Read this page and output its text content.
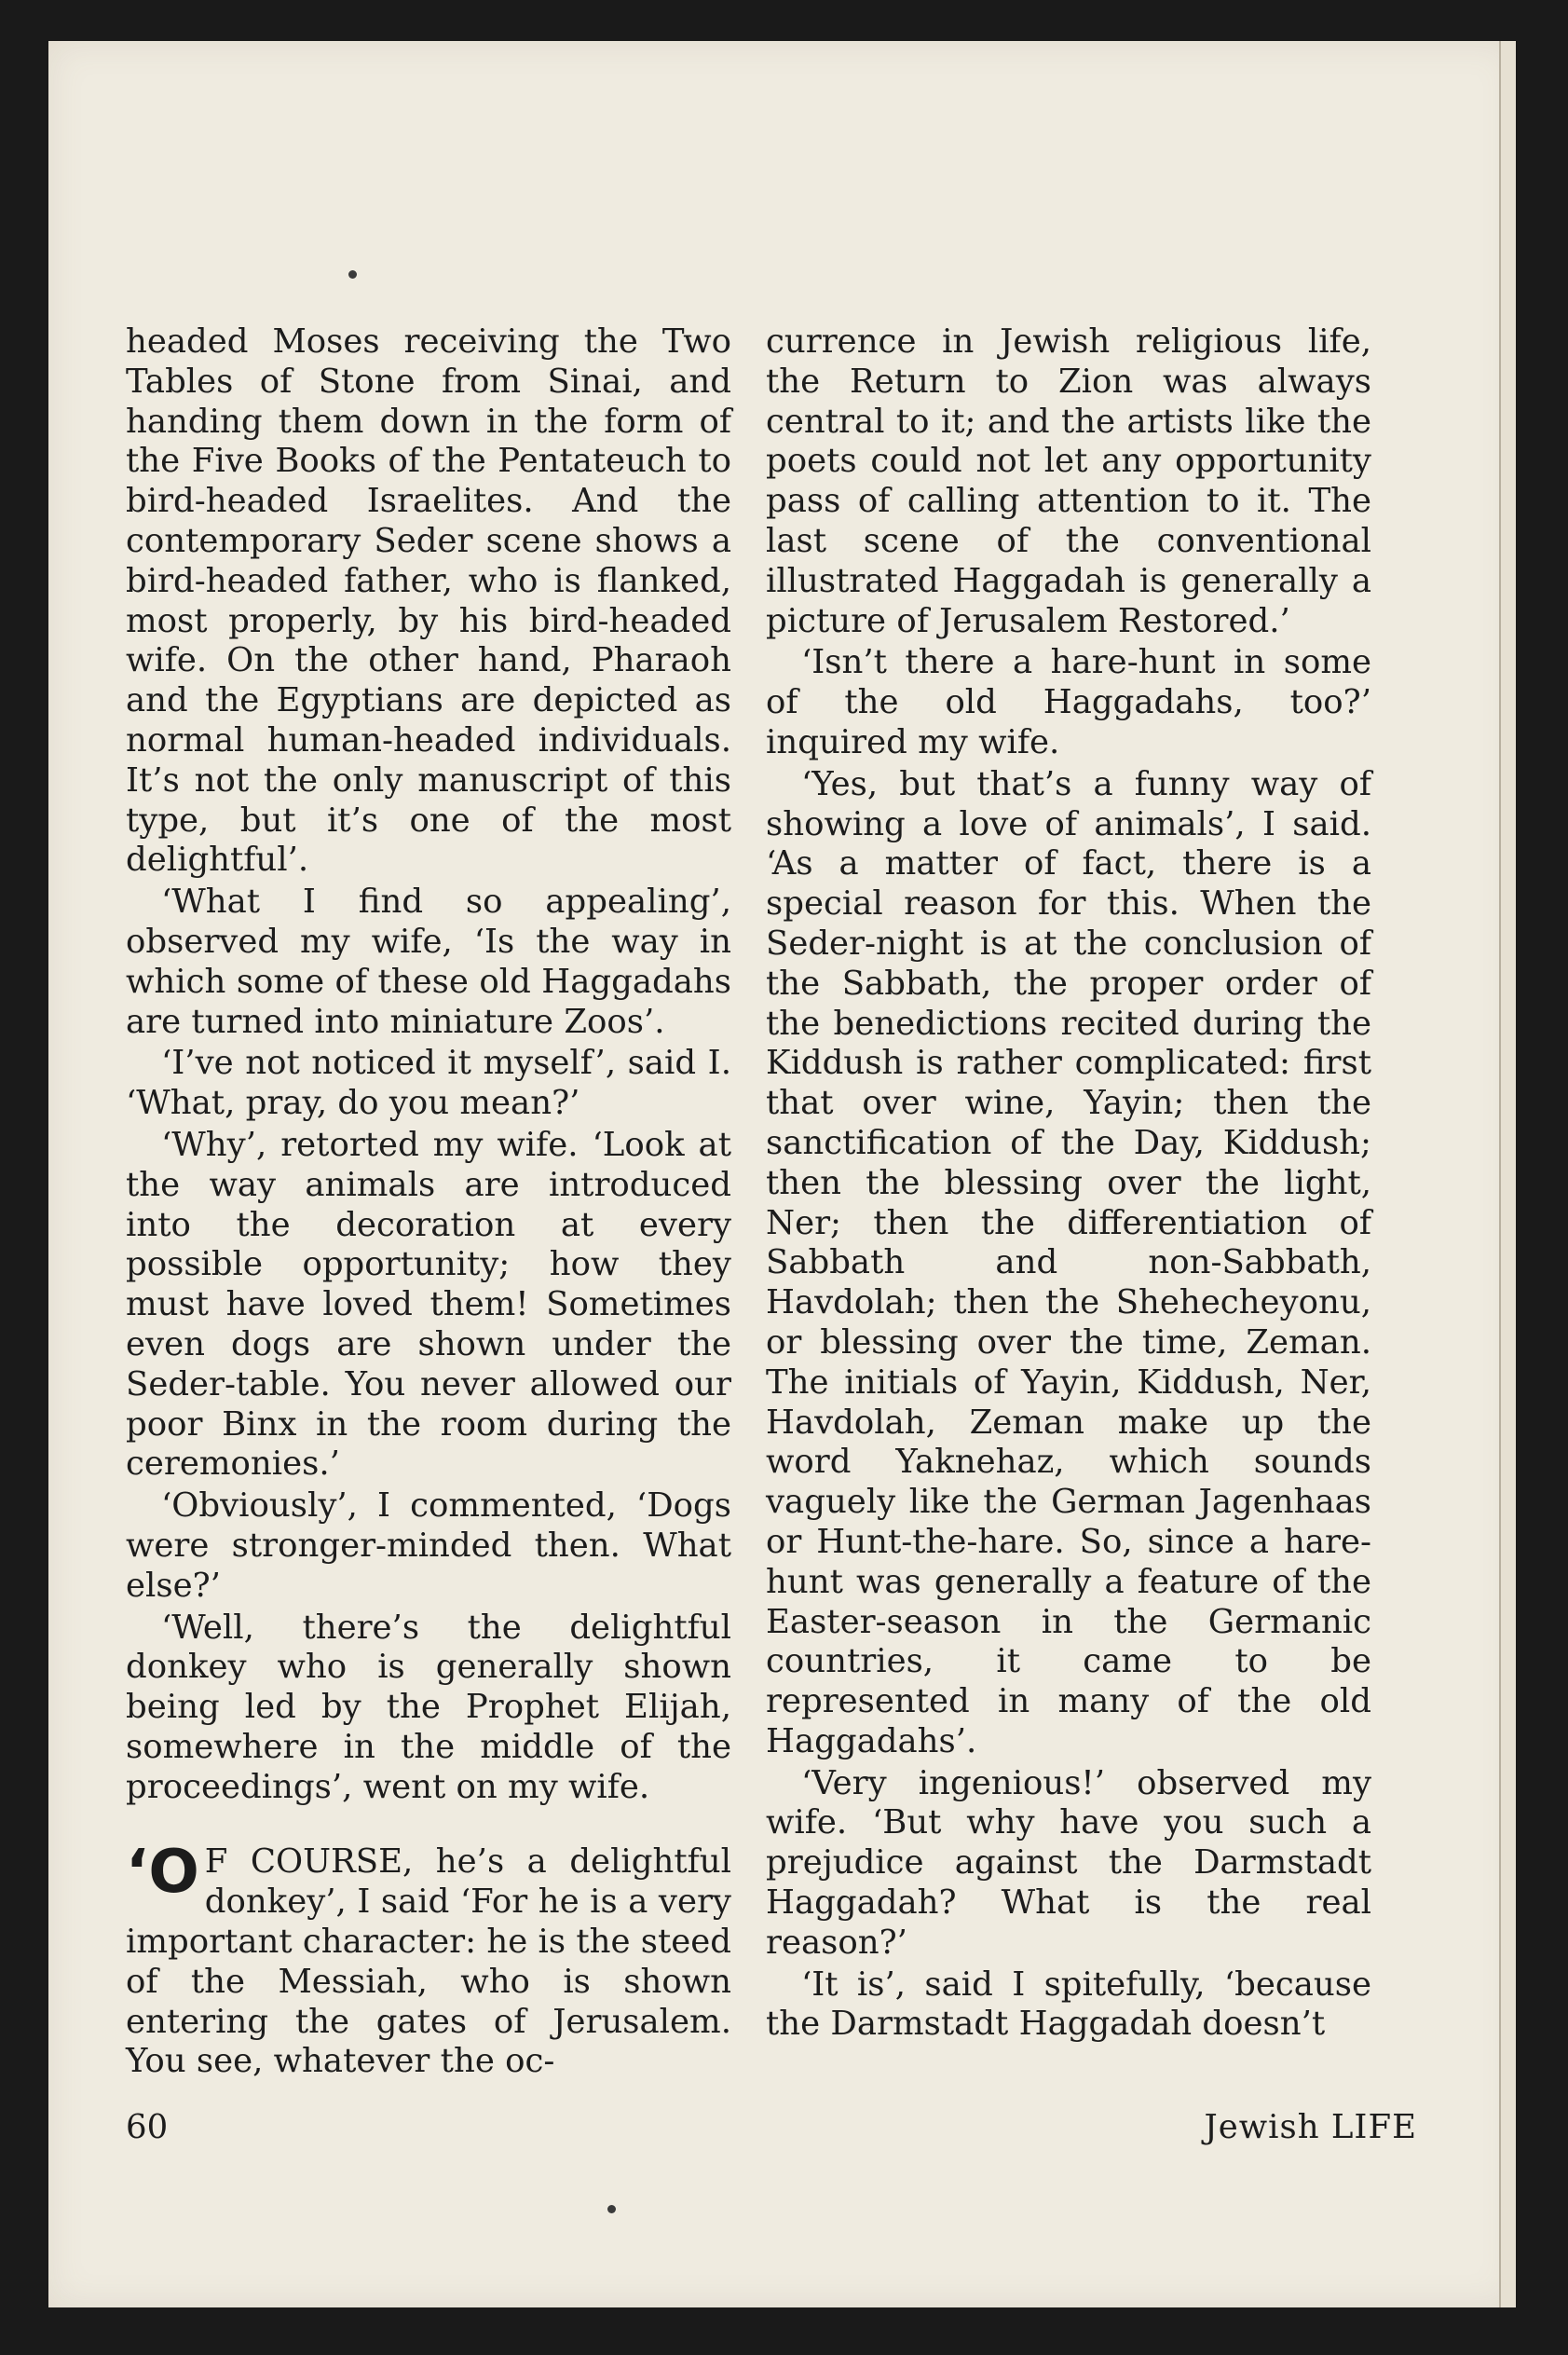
headed Moses receiving the Two Tables of Stone from Sinai, and handing them down in the form of the Five Books of the Pentateuch to bird-headed Israelites. And the contemporary Seder scene shows a bird-headed father, who is flanked, most properly, by his bird-headed wife. On the other hand, Pharaoh and the Egyptians are depicted as normal human-headed individuals. It’s not the only manuscript of this type, but it’s one of the most delightful’.

‘What I find so appealing’, observed my wife, ‘Is the way in which some of these old Haggadahs are turned into miniature Zoos’.

‘I’ve not noticed it myself’, said I. ‘What, pray, do you mean?’

‘Why’, retorted my wife. ‘Look at the way animals are introduced into the decoration at every possible opportunity; how they must have loved them! Sometimes even dogs are shown under the Seder-table. You never allowed our poor Binx in the room during the ceremonies.’

‘Obviously’, I commented, ‘Dogs were stronger-minded then. What else?’

‘Well, there’s the delightful donkey who is generally shown being led by the Prophet Elijah, somewhere in the middle of the proceedings’, went on my wife.

‘O F COURSE, he’s a delightful donkey’, I said ‘For he is a very important character: he is the steed of the Messiah, who is shown entering the gates of Jerusalem. You see, whatever the oc-

currence in Jewish religious life, the Return to Zion was always central to it; and the artists like the poets could not let any opportunity pass of calling attention to it. The last scene of the conventional illustrated Haggadah is generally a picture of Jerusalem Restored.’

‘Isn’t there a hare-hunt in some of the old Haggadahs, too?’ inquired my wife.

‘Yes, but that’s a funny way of showing a love of animals’, I said. ‘As a matter of fact, there is a special reason for this. When the Seder-night is at the conclusion of the Sabbath, the proper order of the benedictions recited during the Kiddush is rather complicated: first that over wine, Yayin; then the sanctification of the Day, Kiddush; then the blessing over the light, Ner; then the differentiation of Sabbath and non-Sabbath, Havdolah; then the Shehecheyonu, or blessing over the time, Zeman. The initials of Yayin, Kiddush, Ner, Havdolah, Zeman make up the word Yaknehaz, which sounds vaguely like the German Jagenhaas or Hunt-the-hare. So, since a hare-hunt was generally a feature of the Easter-season in the Germanic countries, it came to be represented in many of the old Haggadahs’.

‘Very ingenious!’ observed my wife. ‘But why have you such a prejudice against the Darmstadt Haggadah? What is the real reason?’

‘It is’, said I spitefully, ‘because the Darmstadt Haggadah doesn’t

60	Jewish LIFE
